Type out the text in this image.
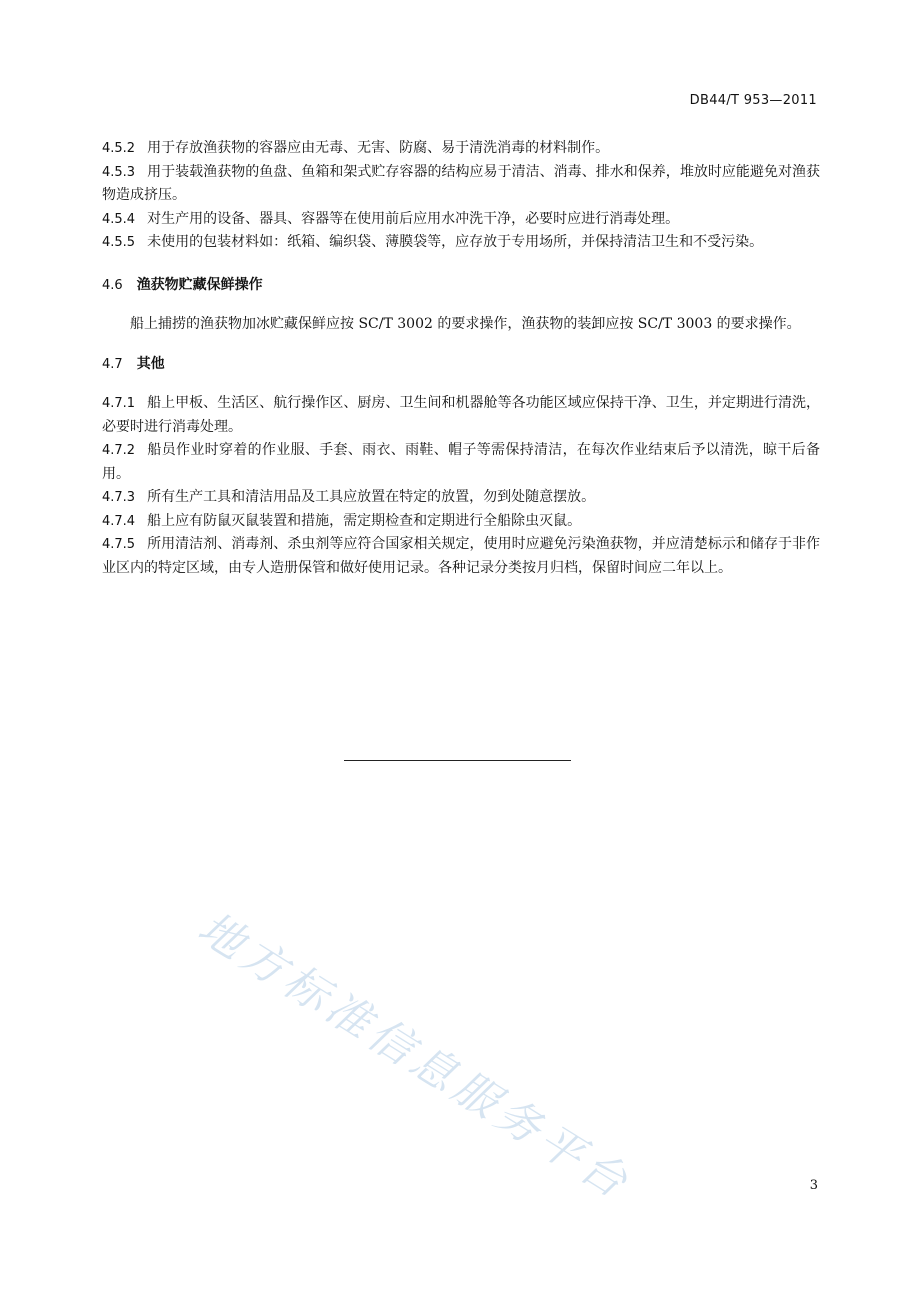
DB44/T 953—2011

4.5.2 用于存放渔获物的容器应由无毒、无害、防腐、易于清洗消毒的材料制作。

4.5.3 用于装载渔获物的鱼盘、鱼箱和架式贮存容器的结构应易于清洁、消毒、排水和保养，堆放时应能避免对渔获物造成挤压。

4.5.4 对生产用的设备、器具、容器等在使用前后应用水冲洗干净，必要时应进行消毒处理。

4.5.5 未使用的包装材料如：纸箱、编织袋、薄膜袋等，应存放于专用场所，并保持清洁卫生和不受污染。

4.6 渔获物贮藏保鲜操作

船上捕捞的渔获物加冰贮藏保鲜应按 SC/T 3002 的要求操作，渔获物的装卸应按 SC/T 3003 的要求操作。

4.7 其他

4.7.1 船上甲板、生活区、航行操作区、厨房、卫生间和机器舱等各功能区域应保持干净、卫生，并定期进行清洗，必要时进行消毒处理。

4.7.2 船员作业时穿着的作业服、手套、雨衣、雨鞋、帽子等需保持清洁，在每次作业结束后予以清洗，晾干后备用。

4.7.3 所有生产工具和清洁用品及工具应放置在特定的放置，勿到处随意摆放。

4.7.4 船上应有防鼠灭鼠装置和措施，需定期检查和定期进行全船除虫灭鼠。

4.7.5 所用清洁剂、消毒剂、杀虫剂等应符合国家相关规定，使用时应避免污染渔获物，并应清楚标示和储存于非作业区内的特定区域，由专人造册保管和做好使用记录。各种记录分类按月归档，保留时间应二年以上。

地方标准信息服务平台	3
